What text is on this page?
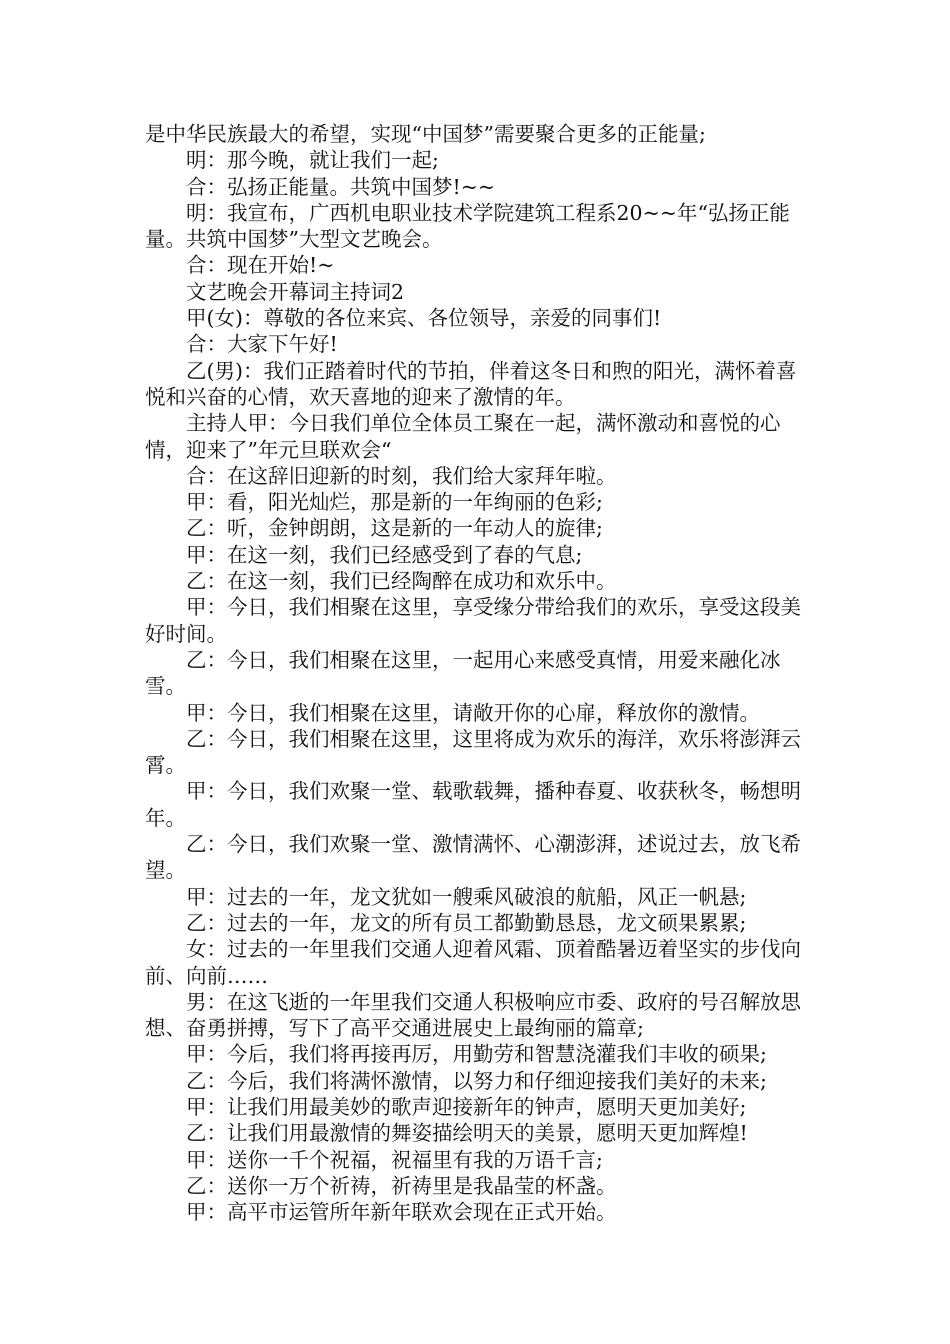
是中华民族最大的希望，实现“中国梦”需要聚合更多的正能量;

明：那今晚，就让我们一起;

合：弘扬正能量。共筑中国梦!~~

明：我宣布，广西机电职业技术学院建筑工程系20~~年“弘扬正能量。共筑中国梦”大型文艺晚会。

合：现在开始!~

文艺晚会开幕词主持词2

甲(女)：尊敬的各位来宾、各位领导，亲爱的同事们!

合：大家下午好!

乙(男)：我们正踏着时代的节拍，伴着这冬日和煦的阳光，满怀着喜悦和兴奋的心情，欢天喜地的迎来了激情的年。

主持人甲：今日我们单位全体员工聚在一起，满怀激动和喜悦的心情，迎来了”年元旦联欢会“

合：在这辞旧迎新的时刻，我们给大家拜年啦。

甲：看，阳光灿烂，那是新的一年绚丽的色彩;

乙：听，金钟朗朗，这是新的一年动人的旋律;

甲：在这一刻，我们已经感受到了春的气息;

乙：在这一刻，我们已经陶醉在成功和欢乐中。

甲：今日，我们相聚在这里，享受缘分带给我们的欢乐，享受这段美好时间。

乙：今日，我们相聚在这里，一起用心来感受真情，用爱来融化冰雪。

甲：今日，我们相聚在这里，请敞开你的心扉，释放你的激情。

乙：今日，我们相聚在这里，这里将成为欢乐的海洋，欢乐将澎湃云霄。

甲：今日，我们欢聚一堂、载歌载舞，播种春夏、收获秋冬，畅想明年。

乙：今日，我们欢聚一堂、激情满怀、心潮澎湃，述说过去，放飞希望。

甲：过去的一年，龙文犹如一艘乘风破浪的航船，风正一帆悬;

乙：过去的一年，龙文的所有员工都勤勤恳恳，龙文硕果累累;

女：过去的一年里我们交通人迎着风霜、顶着酷暑迈着坚实的步伐向前、向前……

男：在这飞逝的一年里我们交通人积极响应市委、政府的号召解放思想、奋勇拼搏，写下了高平交通进展史上最绚丽的篇章;

甲：今后，我们将再接再厉，用勤劳和智慧浇灌我们丰收的硕果;

乙：今后，我们将满怀激情，以努力和仔细迎接我们美好的未来;

甲：让我们用最美妙的歌声迎接新年的钟声，愿明天更加美好;

乙：让我们用最激情的舞姿描绘明天的美景，愿明天更加辉煌!

甲：送你一千个祝福，祝福里有我的万语千言;

乙：送你一万个祈祷，祈祷里是我晶莹的杯盏。

甲：高平市运管所年新年联欢会现在正式开始。
